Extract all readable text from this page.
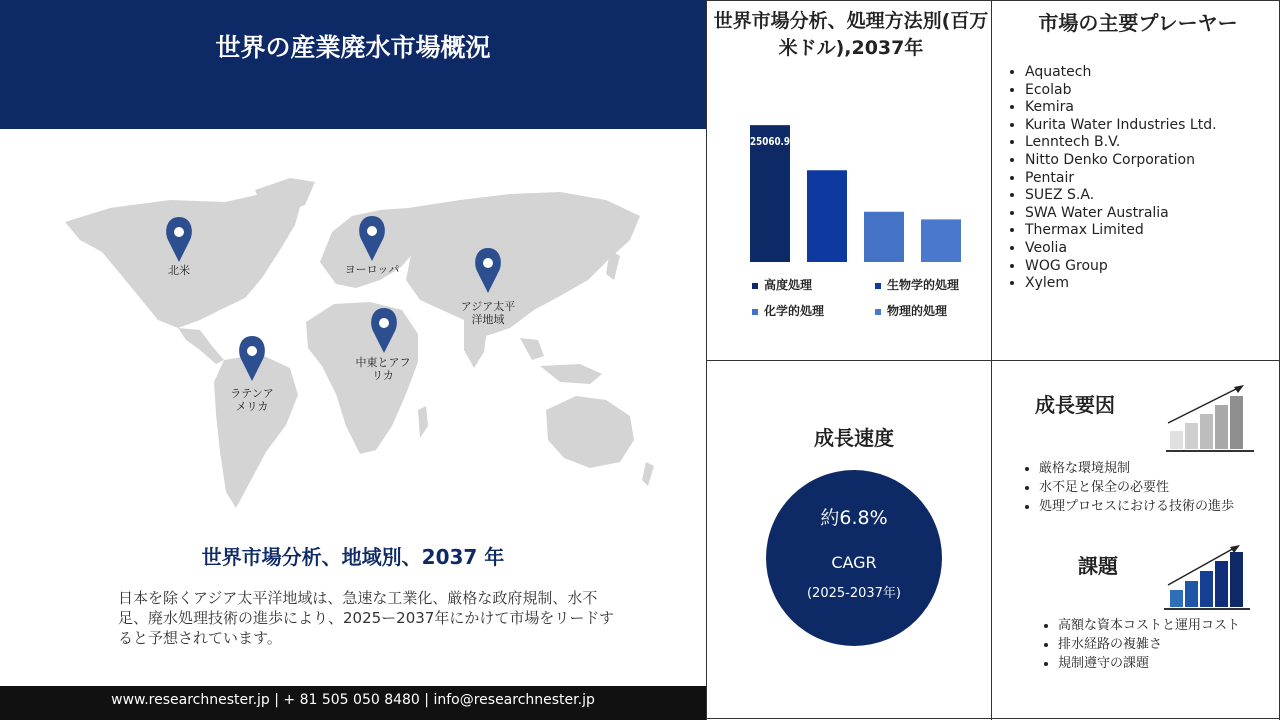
世界の産業廃水市場概況
北米	ヨーロッパ
アジア太平洋地域
中東とアフリカ
ラテンアメリカ
世界市場分析、地域別、2037 年
日本を除くアジア太平洋地域は、急速な工業化、厳格な政府規制、水不足、廃水処理技術の進歩により、2025ー2037年にかけて市場をリードすると予想されています。
www.researchnester.jp | + 81 505 050 8480 | info@researchnester.jp
世界市場分析、処理方法別(百万米ドル),2037年
25060.9
高度処理	生物学的処理
化学的処理	物理的処理
市場の主要プレーヤー
• Aquatech
• Ecolab
• Kemira
• Kurita Water Industries Ltd.
• Lenntech B.V.
• Nitto Denko Corporation
• Pentair
• SUEZ S.A.
• SWA Water Australia
• Thermax Limited
• Veolia
• WOG Group
• Xylem
成長速度
約6.8%
CAGR
(2025-2037年)
成長要因
• 厳格な環境規制
• 水不足と保全の必要性
• 処理プロセスにおける技術の進歩
課題
• 高額な資本コストと運用コスト
• 排水経路の複雑さ
• 規制遵守の課題
